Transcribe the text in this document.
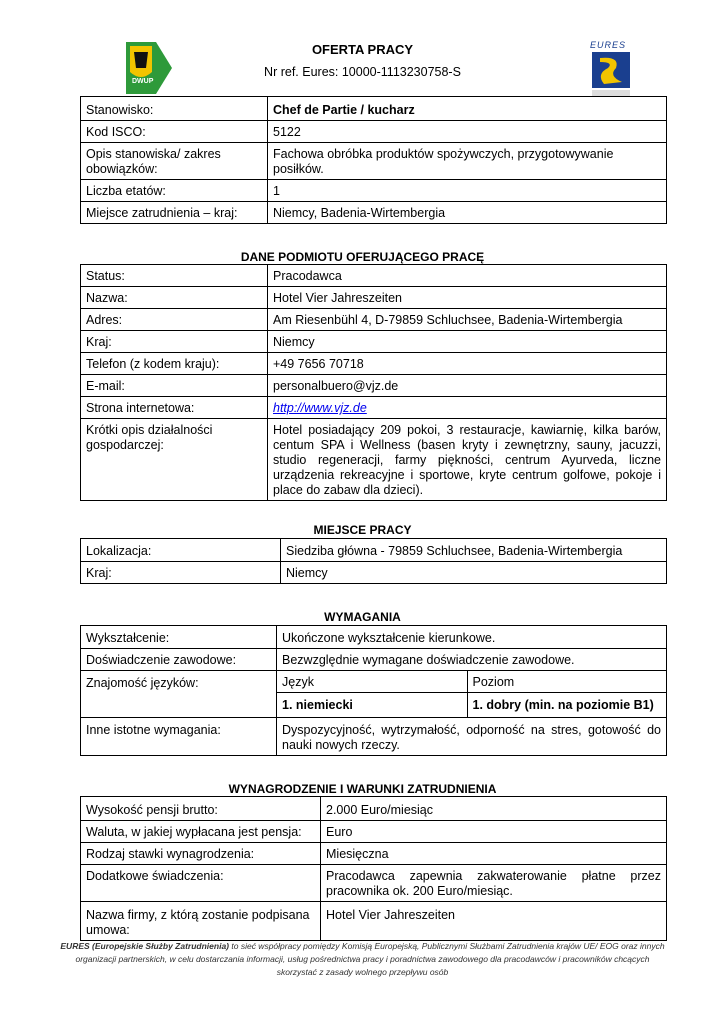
DWUP
EURES
OFERTA PRACY
Nr ref. Eures: 10000-1113230758-S
Stanowisko:	Chef de Partie / kucharz
Kod ISCO:	5122
Opis stanowiska/ zakres obowiązków:	Fachowa obróbka produktów spożywczych, przygotowywanie posiłków.
Liczba etatów:	1
Miejsce zatrudnienia – kraj:	Niemcy, Badenia-Wirtembergia
DANE PODMIOTU OFERUJĄCEGO PRACĘ
Status:	Pracodawca
Nazwa:	Hotel Vier Jahreszeiten
Adres:	Am Riesenbühl 4, D-79859 Schluchsee, Badenia-Wirtembergia
Kraj:	Niemcy
Telefon (z kodem kraju):	+49 7656 70718
E-mail:	personalbuero@vjz.de
Strona internetowa:	http://www.vjz.de
Krótki opis działalności gospodarczej:	Hotel posiadający 209 pokoi, 3 restauracje, kawiarnię, kilka barów, centum SPA i Wellness (basen kryty i zewnętrzny, sauny, jacuzzi, studio regeneracji, farmy piękności, centrum Ayurveda, liczne urządzenia rekreacyjne i sportowe, kryte centrum golfowe, pokoje i place do zabaw dla dzieci).
MIEJSCE PRACY
Lokalizacja:	Siedziba główna - 79859 Schluchsee, Badenia-Wirtembergia
Kraj:	Niemcy
WYMAGANIA
Wykształcenie:	Ukończone wykształcenie kierunkowe.
Doświadczenie zawodowe:	Bezwzględnie wymagane doświadczenie zawodowe.
Znajomość języków:		Język	Poziom
1. niemiecki	1. dobry (min. na poziomie B1)

Inne istotne wymagania:	Dyspozycyjność, wytrzymałość, odporność na stres, gotowość do nauki nowych rzeczy.
WYNAGRODZENIE I WARUNKI ZATRUDNIENIA
Wysokość pensji brutto:	2.000 Euro/miesiąc
Waluta, w jakiej wypłacana jest pensja:	Euro
Rodzaj stawki wynagrodzenia:	Miesięczna
Dodatkowe świadczenia:	Pracodawca zapewnia zakwaterowanie płatne przez pracownika ok. 200 Euro/miesiąc.
Nazwa firmy, z którą zostanie podpisana umowa:	Hotel Vier Jahreszeiten
EURES (Europejskie Służby Zatrudnienia) to sieć współpracy pomiędzy Komisją Europejską, Publicznymi Służbami Zatrudnienia krajów UE/ EOG oraz innych organizacji partnerskich, w celu dostarczania informacji, usług pośrednictwa pracy i poradnictwa zawodowego dla pracodawców i pracowników chcących skorzystać z zasady wolnego przepływu osób
